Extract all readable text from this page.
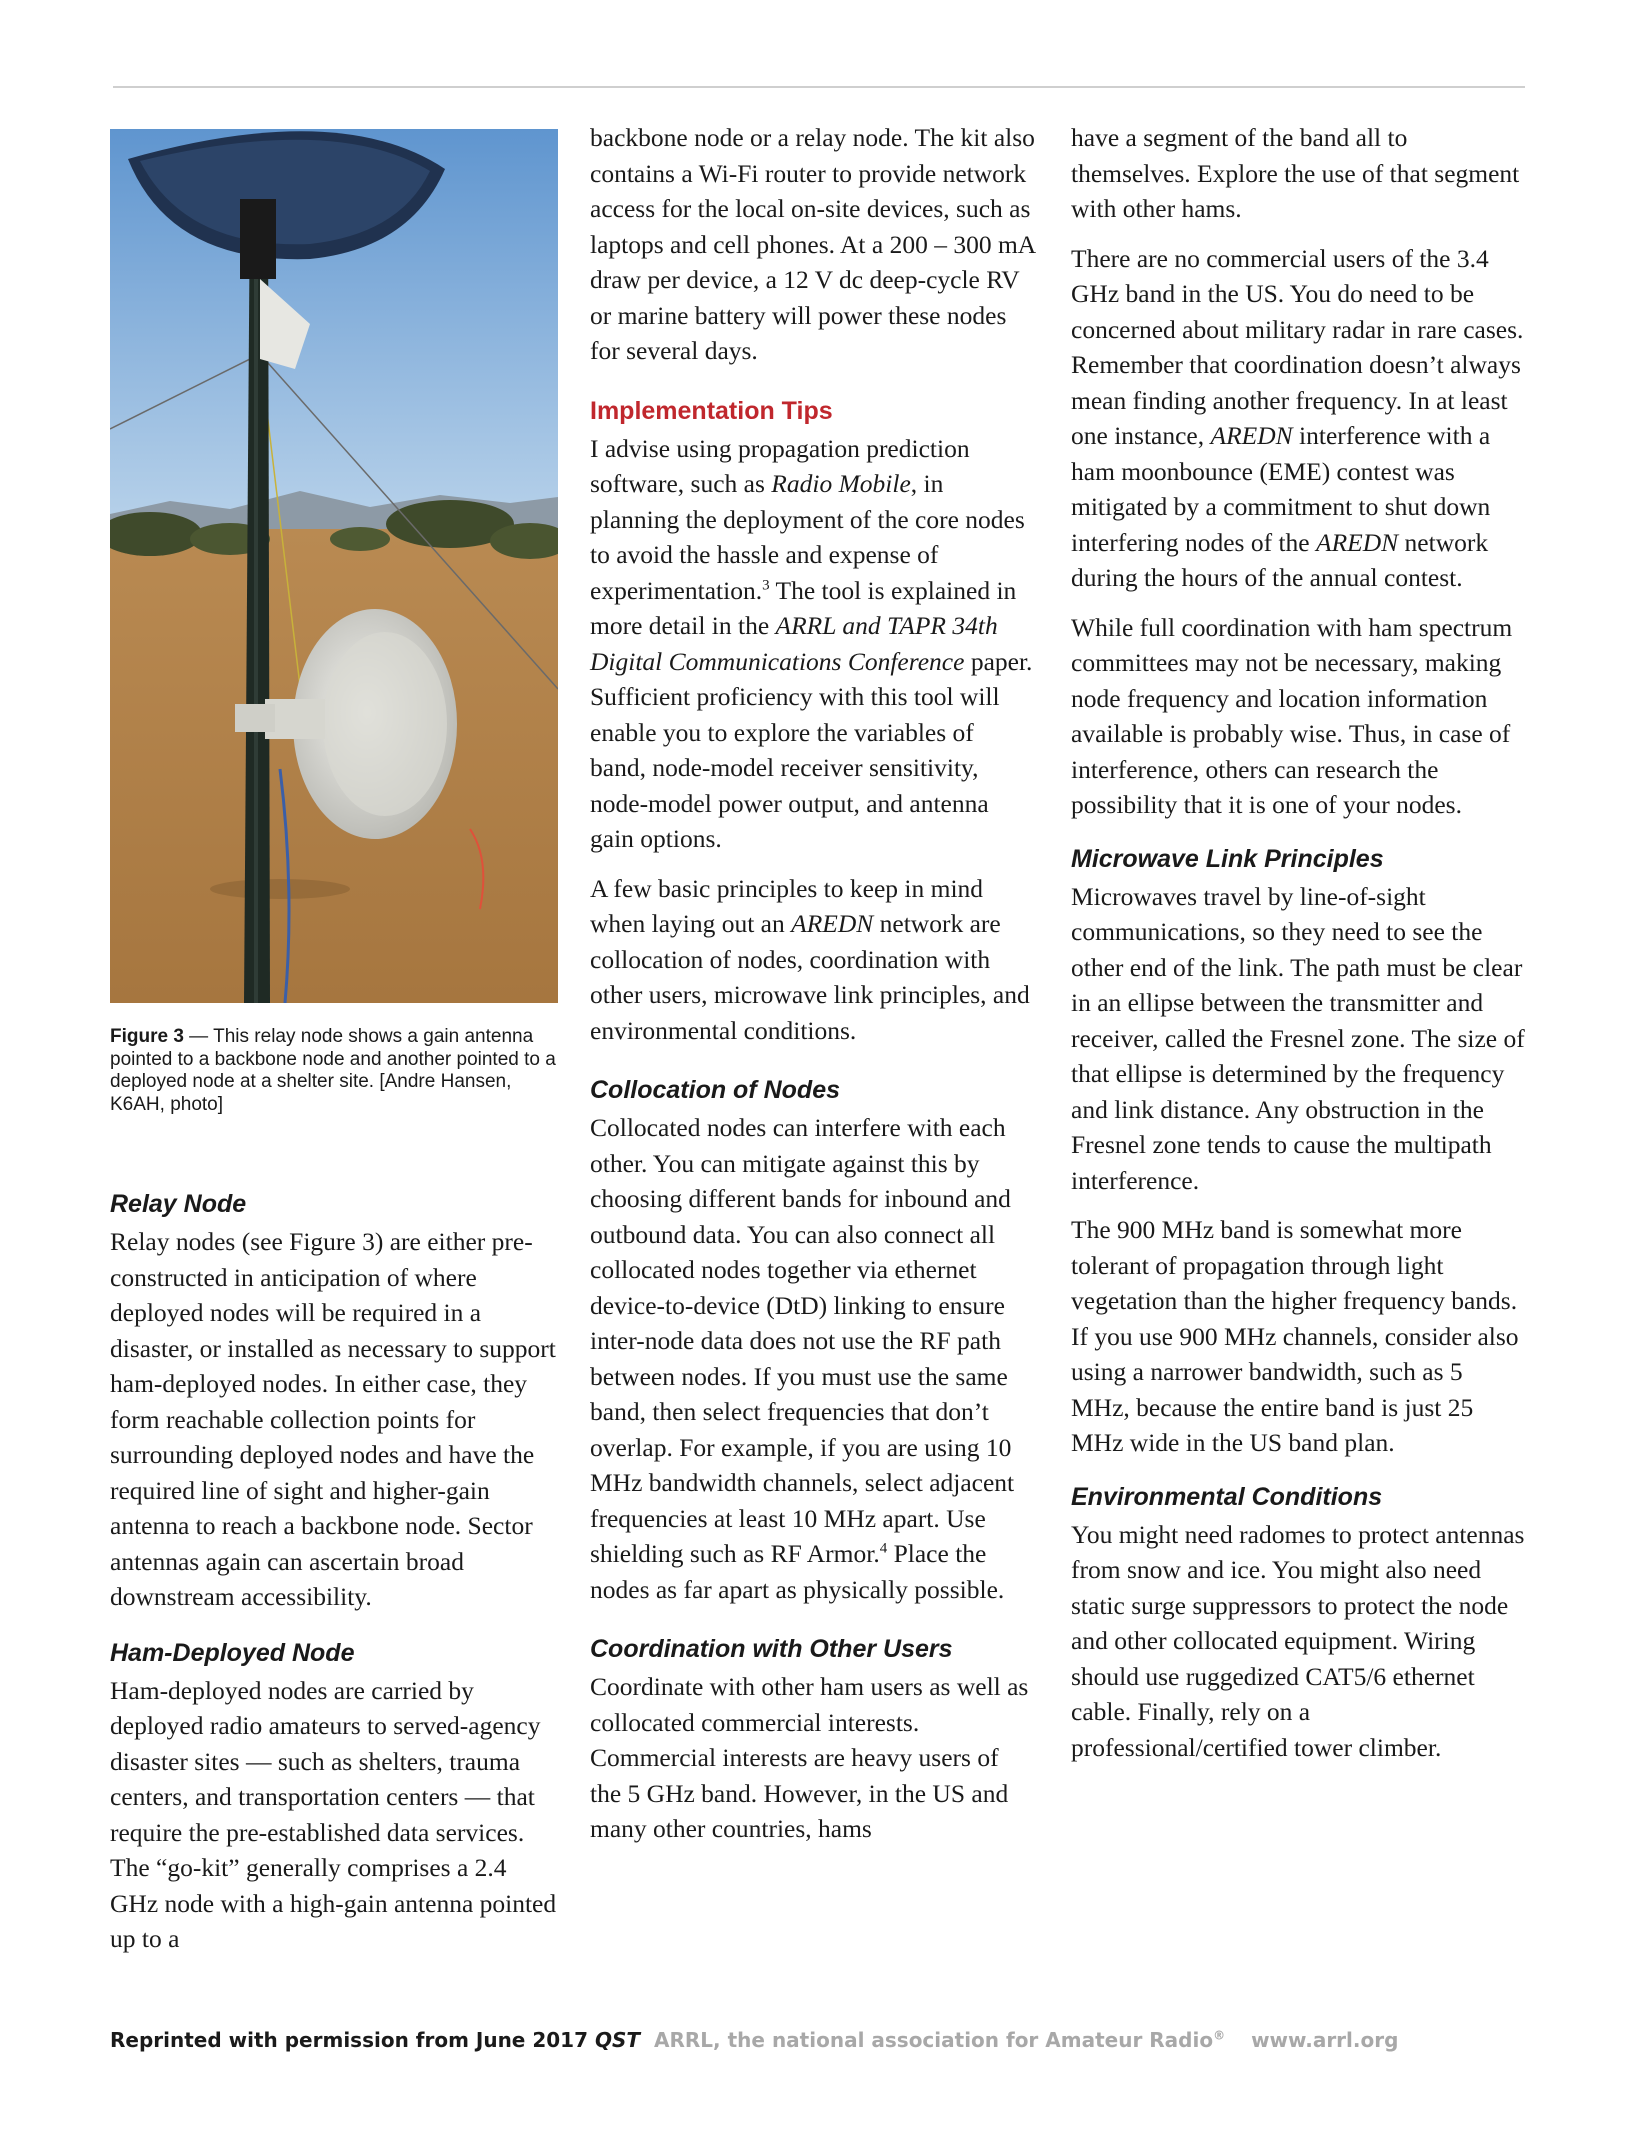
Figure 3 — This relay node shows a gain antenna pointed to a backbone node and another pointed to a deployed node at a shelter site. [Andre Hansen, K6AH, photo]
Relay Node

Relay nodes (see Figure 3) are either pre-constructed in anticipation of where deployed nodes will be required in a disaster, or installed as necessary to support ham-deployed nodes. In either case, they form reachable collection points for surrounding deployed nodes and have the required line of sight and higher-gain antenna to reach a backbone node. Sector antennas again can ascertain broad downstream accessibility.

Ham-Deployed Node

Ham-deployed nodes are carried by deployed radio amateurs to served-agency disaster sites — such as shelters, trauma centers, and transportation centers — that require the pre-established data services. The “go-kit” generally comprises a 2.4 GHz node with a high-gain antenna pointed up to a

backbone node or a relay node. The kit also contains a Wi-Fi router to provide network access for the local on-site devices, such as laptops and cell phones. At a 200 – 300 mA draw per device, a 12 V dc deep-cycle RV or marine battery will power these nodes for several days.

Implementation Tips

I advise using propagation prediction software, such as Radio Mobile, in planning the deployment of the core nodes to avoid the hassle and expense of experimentation.$^3$ The tool is explained in more detail in the ARRL and TAPR 34th Digital Communications Conference paper. Sufficient proficiency with this tool will enable you to explore the variables of band, node-model receiver sensitivity, node-model power output, and antenna gain options.

A few basic principles to keep in mind when laying out an AREDN network are collocation of nodes, coordination with other users, microwave link principles, and environmental conditions.

Collocation of Nodes

Collocated nodes can interfere with each other. You can mitigate against this by choosing different bands for inbound and outbound data. You can also connect all collocated nodes together via ethernet device-to-device (DtD) linking to ensure inter-node data does not use the RF path between nodes. If you must use the same band, then select frequencies that don’t overlap. For example, if you are using 10 MHz bandwidth channels, select adjacent frequencies at least 10 MHz apart. Use shielding such as RF Armor.$^4$ Place the nodes as far apart as physically possible.

Coordination with Other Users

Coordinate with other ham users as well as collocated commercial interests. Commercial interests are heavy users of the 5 GHz band. However, in the US and many other countries, hams

have a segment of the band all to themselves. Explore the use of that segment with other hams.

There are no commercial users of the 3.4 GHz band in the US. You do need to be concerned about military radar in rare cases. Remember that coordination doesn’t always mean finding another frequency. In at least one instance, AREDN interference with a ham moonbounce (EME) contest was mitigated by a commitment to shut down interfering nodes of the AREDN network during the hours of the annual contest.

While full coordination with ham spectrum committees may not be necessary, making node frequency and location information available is probably wise. Thus, in case of interference, others can research the possibility that it is one of your nodes.

Microwave Link Principles

Microwaves travel by line-of-sight communications, so they need to see the other end of the link. The path must be clear in an ellipse between the transmitter and receiver, called the Fresnel zone. The size of that ellipse is determined by the frequency and link distance. Any obstruction in the Fresnel zone tends to cause the multipath interference.

The 900 MHz band is somewhat more tolerant of propagation through light vegetation than the higher frequency bands. If you use 900 MHz channels, consider also using a narrower bandwidth, such as 5 MHz, because the entire band is just 25 MHz wide in the US band plan.

Environmental Conditions

You might need radomes to protect antennas from snow and ice. You might also need static surge suppressors to protect the node and other collocated equipment. Wiring should use ruggedized CAT5/6 ethernet cable. Finally, rely on a professional/certified tower climber.

Reprinted with permission from June 2017 QST ARRL, the national association for Amateur Radio® www.arrl.org
